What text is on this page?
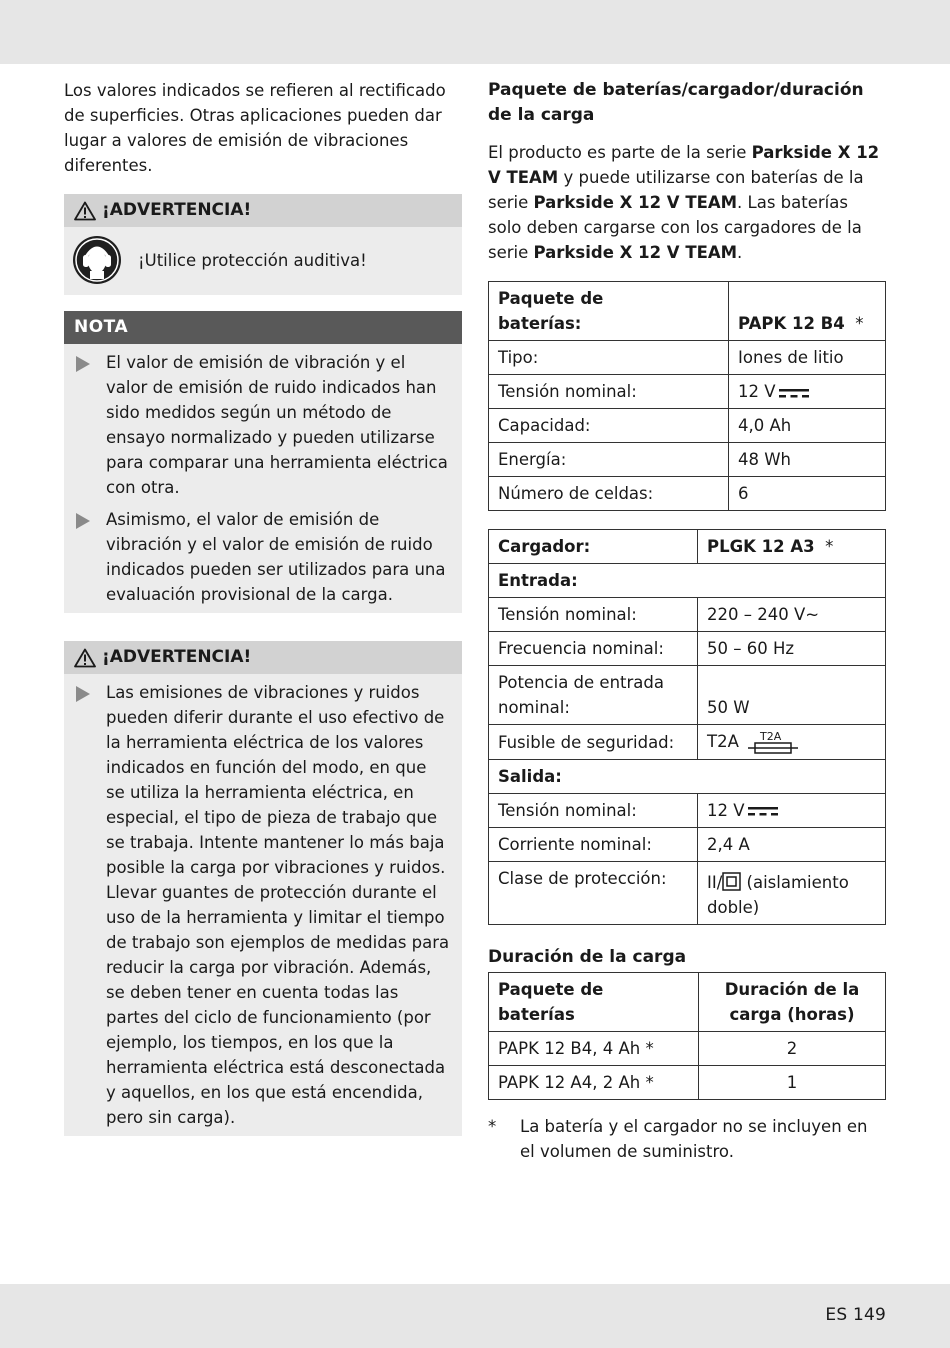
Los valores indicados se refieren al rectificado de superficies. Otras aplicaciones pueden dar lugar a valores de emisión de vibraciones diferentes.

¡ADVERTENCIA!
¡Utilice protección auditiva!
NOTA
El valor de emisión de vibración y el valor de emisión de ruido indicados han sido medidos según un método de ensayo normalizado y pueden utilizarse para comparar una herramienta eléctrica con otra.
Asimismo, el valor de emisión de vibración y el valor de emisión de ruido indicados pueden ser utilizados para una evaluación provisional de la carga.
¡ADVERTENCIA!
Las emisiones de vibraciones y ruidos pueden diferir durante el uso efectivo de la herramienta eléctrica de los valores indicados en función del modo, en que se utiliza la herramienta eléctrica, en especial, el tipo de pieza de trabajo que se trabaja. Intente mantener lo más baja posible la carga por vibraciones y ruidos. Llevar guantes de protección durante el uso de la herramienta y limitar el tiempo de trabajo son ejemplos de medidas para reducir la carga por vibración. Además, se deben tener en cuenta todas las partes del ciclo de funcionamiento (por ejemplo, los tiempos, en los que la herramienta eléctrica está desconectada y aquellos, en los que está encendida, pero sin carga).
Paquete de baterías/cargador/duración de la carga

El producto es parte de la serie Parkside X 12 V TEAM y puede utilizarse con baterías de la serie Parkside X 12 V TEAM. Las baterías solo deben cargarse con los cargadores de la serie Parkside X 12 V TEAM.

Paquete de baterías:	PAPK 12 B4 *
Tipo:	Iones de litio
Tensión nominal:	12 V
Capacidad:	4,0 Ah
Energía:	48 Wh
Número de celdas:	6
Cargador:	PLGK 12 A3 *
Entrada:	
Tensión nominal:	220 – 240 V~
Frecuencia nominal:	50 – 60 Hz
Potencia de entrada nominal:	50 W
Fusible de seguridad:	T2A T2A

Salida:	
Tensión nominal:	12 V
Corriente nominal:	2,4 A
Clase de protección:	II/ (aislamiento doble)
Duración de la carga
Paquete de baterías	Duración de la carga (horas)
PAPK 12 B4, 4 Ah *	2
PAPK 12 A4, 2 Ah *	1
*	La batería y el cargador no se incluyen en el volumen de suministro.
ES 149
